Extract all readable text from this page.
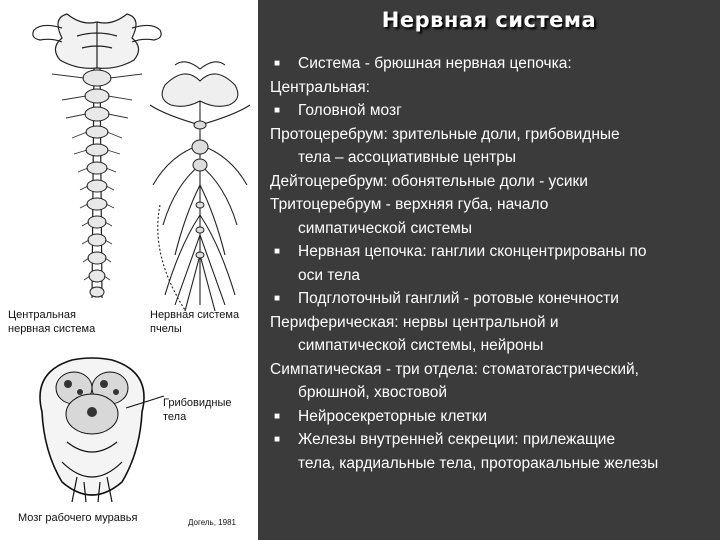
Центральная нервная система
Нервная система пчелы
Грибовидные тела
Мозг рабочего муравья	Догель, 1981
Нервная система
■ Система - брюшная нервная цепочка:
Центральная:
■ Головной мозг
Протоцеребрум: зрительные доли, грибовидные
тела – ассоциативные центры
Дейтоцеребрум: обонятельные доли - усики
Тритоцеребрум - верхняя губа, начало
симпатической системы
■ Нервная цепочка: ганглии сконцентрированы по
оси тела
■ Подглоточный ганглий - ротовые конечности
Периферическая: нервы центральной и
симпатической системы, нейроны
Симпатическая - три отдела: стоматогастрический,
брюшной, хвостовой
■ Нейросекреторные клетки
■ Железы внутренней секреции: прилежащие
тела, кардиальные тела, проторакальные железы
